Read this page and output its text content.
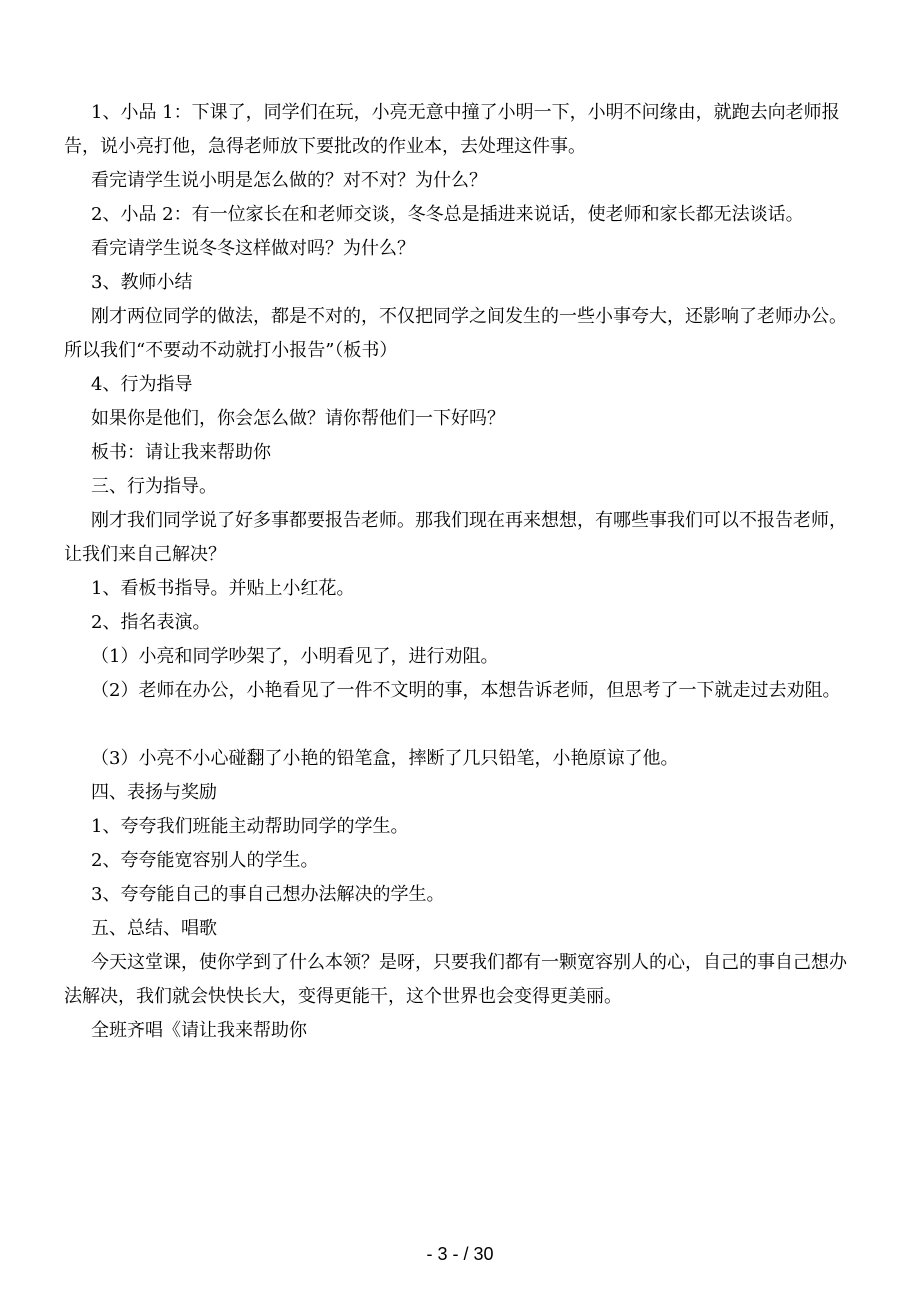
1、小品 1：下课了，同学们在玩，小亮无意中撞了小明一下，小明不问缘由，就跑去向老师报告，说小亮打他，急得老师放下要批改的作业本，去处理这件事。

看完请学生说小明是怎么做的？对不对？为什么？

2、小品 2：有一位家长在和老师交谈，冬冬总是插进来说话，使老师和家长都无法谈话。

看完请学生说冬冬这样做对吗？为什么？

3、教师小结

刚才两位同学的做法，都是不对的，不仅把同学之间发生的一些小事夸大，还影响了老师办公。所以我们“不要动不动就打小报告”（板书）

4、行为指导

如果你是他们，你会怎么做？请你帮他们一下好吗？

板书：请让我来帮助你

三、行为指导。

刚才我们同学说了好多事都要报告老师。那我们现在再来想想，有哪些事我们可以不报告老师，让我们来自己解决？

1、看板书指导。并贴上小红花。

2、指名表演。

（1）小亮和同学吵架了，小明看见了，进行劝阻。

（2）老师在办公，小艳看见了一件不文明的事，本想告诉老师，但思考了一下就走过去劝阻。

（3）小亮不小心碰翻了小艳的铅笔盒，摔断了几只铅笔，小艳原谅了他。

四、表扬与奖励

1、夸夸我们班能主动帮助同学的学生。

2、夸夸能宽容别人的学生。

3、夸夸能自己的事自己想办法解决的学生。

五、总结、唱歌

今天这堂课，使你学到了什么本领？是呀，只要我们都有一颗宽容别人的心，自己的事自己想办法解决，我们就会快快长大，变得更能干，这个世界也会变得更美丽。

全班齐唱《请让我来帮助你

- 3 - / 30
